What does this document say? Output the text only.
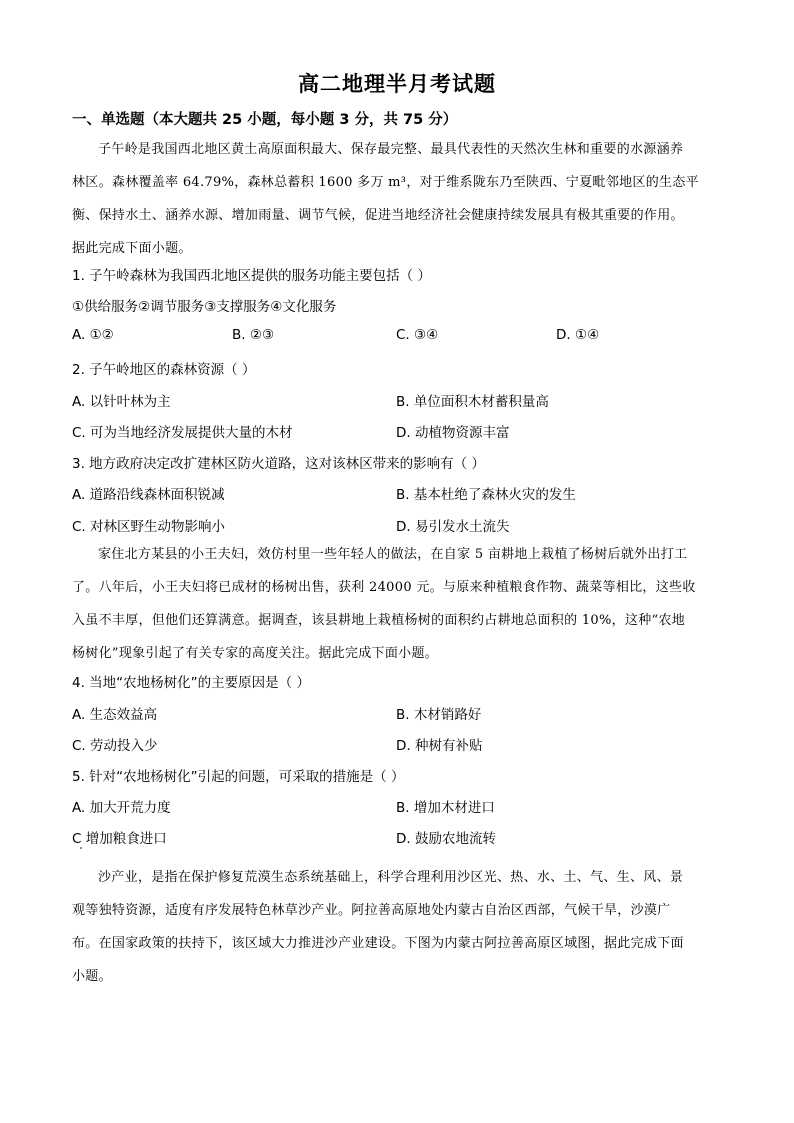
高二地理半月考试题
一、单选题（本大题共 25 小题，每小题 3 分，共 75 分）
子午岭是我国西北地区黄土高原面积最大、保存最完整、最具代表性的天然次生林和重要的水源涵养
林区。森林覆盖率 64.79%，森林总蓄积 1600 多万 m³，对于维系陇东乃至陕西、宁夏毗邻地区的生态平
衡、保持水土、涵养水源、增加雨量、调节气候，促进当地经济社会健康持续发展具有极其重要的作用。
据此完成下面小题。
1. 子午岭森林为我国西北地区提供的服务功能主要包括（ ）
①供给服务②调节服务③支撑服务④文化服务
A. ①②	B. ②③	C. ③④	D. ①④
2. 子午岭地区的森林资源（ ）
A. 以针叶林为主	B. 单位面积木材蓄积量高
C. 可为当地经济发展提供大量的木材	D. 动植物资源丰富
3. 地方政府决定改扩建林区防火道路，这对该林区带来的影响有（ ）
A. 道路沿线森林面积锐减	B. 基本杜绝了森林火灾的发生
C. 对林区野生动物影响小	D. 易引发水土流失
家住北方某县的小王夫妇，效仿村里一些年轻人的做法，在自家 5 亩耕地上栽植了杨树后就外出打工
了。八年后，小王夫妇将已成材的杨树出售，获利 24000 元。与原来种植粮食作物、蔬菜等相比，这些收
入虽不丰厚，但他们还算满意。据调查，该县耕地上栽植杨树的面积约占耕地总面积的 10%，这种“农地
杨树化”现象引起了有关专家的高度关注。据此完成下面小题。
4. 当地“农地杨树化”的主要原因是（ ）
A. 生态效益高	B. 木材销路好
C. 劳动投入少	D. 种树有补贴
5. 针对“农地杨树化”引起的问题，可采取的措施是（ ）
A. 加大开荒力度	B. 增加木材进口
C 增加粮食进口	D. 鼓励农地流转
沙产业，是指在保护修复荒漠生态系统基础上，科学合理利用沙区光、热、水、土、气、生、风、景
观等独特资源，适度有序发展特色林草沙产业。阿拉善高原地处内蒙古自治区西部，气候干旱，沙漠广
布。在国家政策的扶持下，该区域大力推进沙产业建设。下图为内蒙古阿拉善高原区域图，据此完成下面
小题。
